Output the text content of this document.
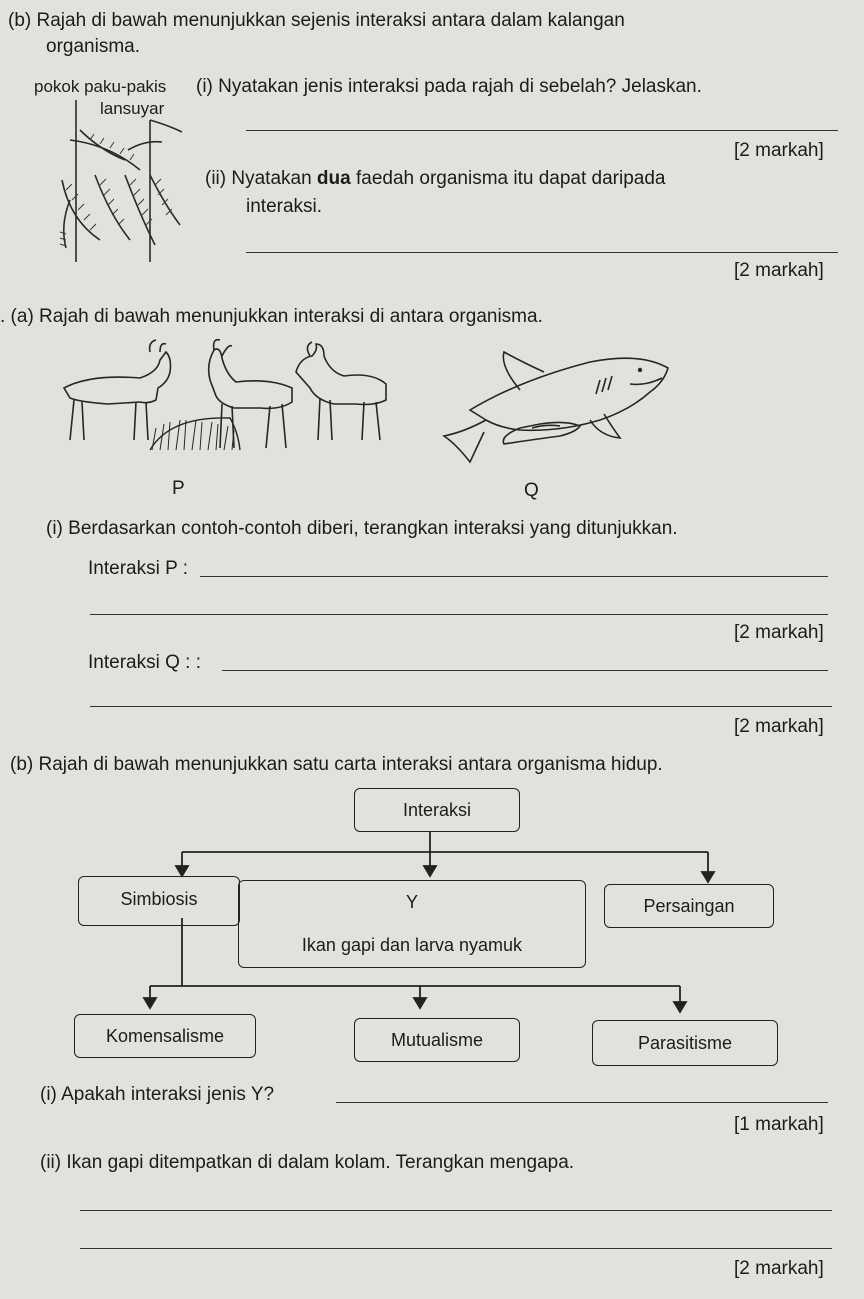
(b) Rajah di bawah menunjukkan sejenis interaksi antara dalam kalangan
organisma.
pokok paku-pakis
lansuyar
(i) Nyatakan jenis interaksi pada rajah di sebelah? Jelaskan.
[2 markah]
(ii) Nyatakan dua faedah organisma itu dapat daripada
interaksi.
[2 markah]
. (a) Rajah di bawah menunjukkan interaksi di antara organisma.
P	Q
(i) Berdasarkan contoh-contoh diberi, terangkan interaksi yang ditunjukkan.
Interaksi P :
[2 markah]
Interaksi Q : :
[2 markah]
(b) Rajah di bawah menunjukkan satu carta interaksi antara organisma hidup.
Interaksi
Simbiosis	Y
Ikan gapi dan larva nyamuk
Persaingan
Komensalisme	Mutualisme	Parasitisme
(i) Apakah interaksi jenis Y?
[1 markah]
(ii) Ikan gapi ditempatkan di dalam kolam. Terangkan mengapa.
[2 markah]
